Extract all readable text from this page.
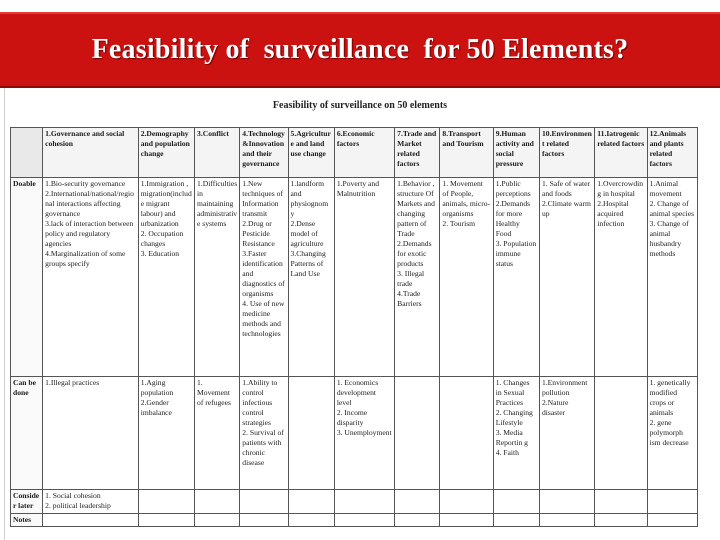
Feasibility of  surveillance  for 50 Elements?
Feasibility of surveillance on 50 elements
	1.Governance and social cohesion	2.Demography and population change	3.Conflict	4.Technology &Innovation and their governance	5.Agriculture and land use change	6.Economic factors	7.Trade and Market related factors	8.Transport and Tourism	9.Human activity and social pressure	10.Environment related factors	11.Iatrogenic related factors	12.Animals and plants related factors
Doable	1.Bio-security governance
2.International/national/regional interactions affecting governance
3.lack of interaction between policy and regulatory agencies
4.Marginalization of some groups specify	1.Immigration , migration(include migrant labour) and urbanization
2. Occupation changes
3. Education	1.Difficulties in maintaining administrative systems	1.New techniques of Information transmit
2.Drug or Pesticide Resistance
3.Faster identification and diagnostics of organisms
4. Use of new medicine methods and technologies	1.landform and physiognomy
2.Dense model of agriculture
3.Changing Patterns of Land Use	1.Poverty and Malnutrition	1.Behavior , structure Of Markets and changing pattern of Trade
2.Demands for exotic products
3. Illegal trade
4.Trade Barriers	1. Movement of People, animals, micro-organisms
2. Tourism	1.Public perceptions
2.Demands for more Healthy Food
3. Population immune status	1. Safe of water and foods
2.Climate warm up	1.Overcrowding in hospital
2.Hospital acquired infection	1.Animal movement
2. Change of animal species
3. Change of animal husbandry methods

Can be done	1.Illegal practices	1.Aging population
2.Gender imbalance	1. Movement of refugees	1.Ability to control infectious control strategies
2. Survival of patients with chronic disease		1. Economics development level
2. Income disparity
3. Unemployment			1. Changes in Sexual Practices
2. Changing Lifestyle
3. Media Reportin g
4. Faith	1.Environment pollution
2.Nature disaster		1. genetically modified crops or animals
2. gene polymorph ism decrease

Consider later	1. Social cohesion
2. political leadership											

Notes												
